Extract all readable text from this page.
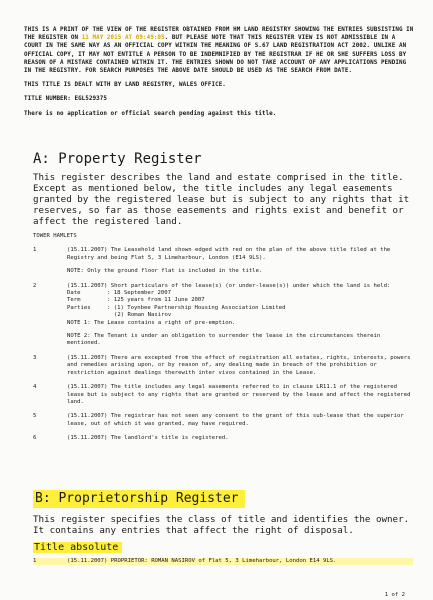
THIS IS A PRINT OF THE VIEW OF THE REGISTER OBTAINED FROM HM LAND REGISTRY SHOWING THE ENTRIES SUBSISTING IN THE REGISTER ON 11 MAY 2015 AT 09:49:05. BUT PLEASE NOTE THAT THIS REGISTER VIEW IS NOT ADMISSIBLE IN A COURT IN THE SAME WAY AS AN OFFICIAL COPY WITHIN THE MEANING OF S.67 LAND REGISTRATION ACT 2002. UNLIKE AN OFFICIAL COPY, IT MAY NOT ENTITLE A PERSON TO BE INDEMNIFIED BY THE REGISTRAR IF HE OR SHE SUFFERS LOSS BY REASON OF A MISTAKE CONTAINED WITHIN IT. THE ENTRIES SHOWN DO NOT TAKE ACCOUNT OF ANY APPLICATIONS PENDING IN THE REGISTRY. FOR SEARCH PURPOSES THE ABOVE DATE SHOULD BE USED AS THE SEARCH FROM DATE.

THIS TITLE IS DEALT WITH BY LAND REGISTRY, WALES OFFICE.

TITLE NUMBER: EGL529375

There is no application or official search pending against this title.

A: Property Register

This register describes the land and estate comprised in the title. Except as mentioned below, the title includes any legal easements granted by the registered lease but is subject to any rights that it reserves, so far as those easements and rights exist and benefit or affect the registered land.

TOWER HAMLETS
1	(15.11.2007) The Leasehold land shown edged with red on the plan of the above title filed at the Registry and being Flat 5, 3 Limeharbour, London (E14 9LS).

NOTE: Only the ground floor flat is included in the title.

2	(15.11.2007) Short particulars of the lease(s) (or under-lease(s)) under which the land is held:

Date	: 18 September 2007
Term	: 125 years from 11 June 2007
Parties	: (1) Toynbee Partnership Housing Association Limited
(2) Roman Nasirov

NOTE 1: The Lease contains a right of pre-emption.

NOTE 2: The Tenant is under an obligation to surrender the lease in the circumstances therein mentioned.

3	(15.11.2007) There are excepted from the effect of registration all estates, rights, interests, powers and remedies arising upon, or by reason of, any dealing made in breach of the prohibition or restriction against dealings therewith inter vivos contained in the Lease.

4	(15.11.2007) The title includes any legal easements referred to in clause LR11.1 of the registered lease but is subject to any rights that are granted or reserved by the lease and affect the registered land.

5	(15.11.2007) The registrar has not seen any consent to the grant of this sub-lease that the superior lease, out of which it was granted, may have required.

6	(15.11.2007) The landlord's title is registered.

B: Proprietorship Register

This register specifies the class of title and identifies the owner. It contains any entries that affect the right of disposal.

Title absolute
1	(15.11.2007) PROPRIETOR: ROMAN NASIROV of Flat 5, 3 Limeharbour, London E14 9LS.
1 of 2
